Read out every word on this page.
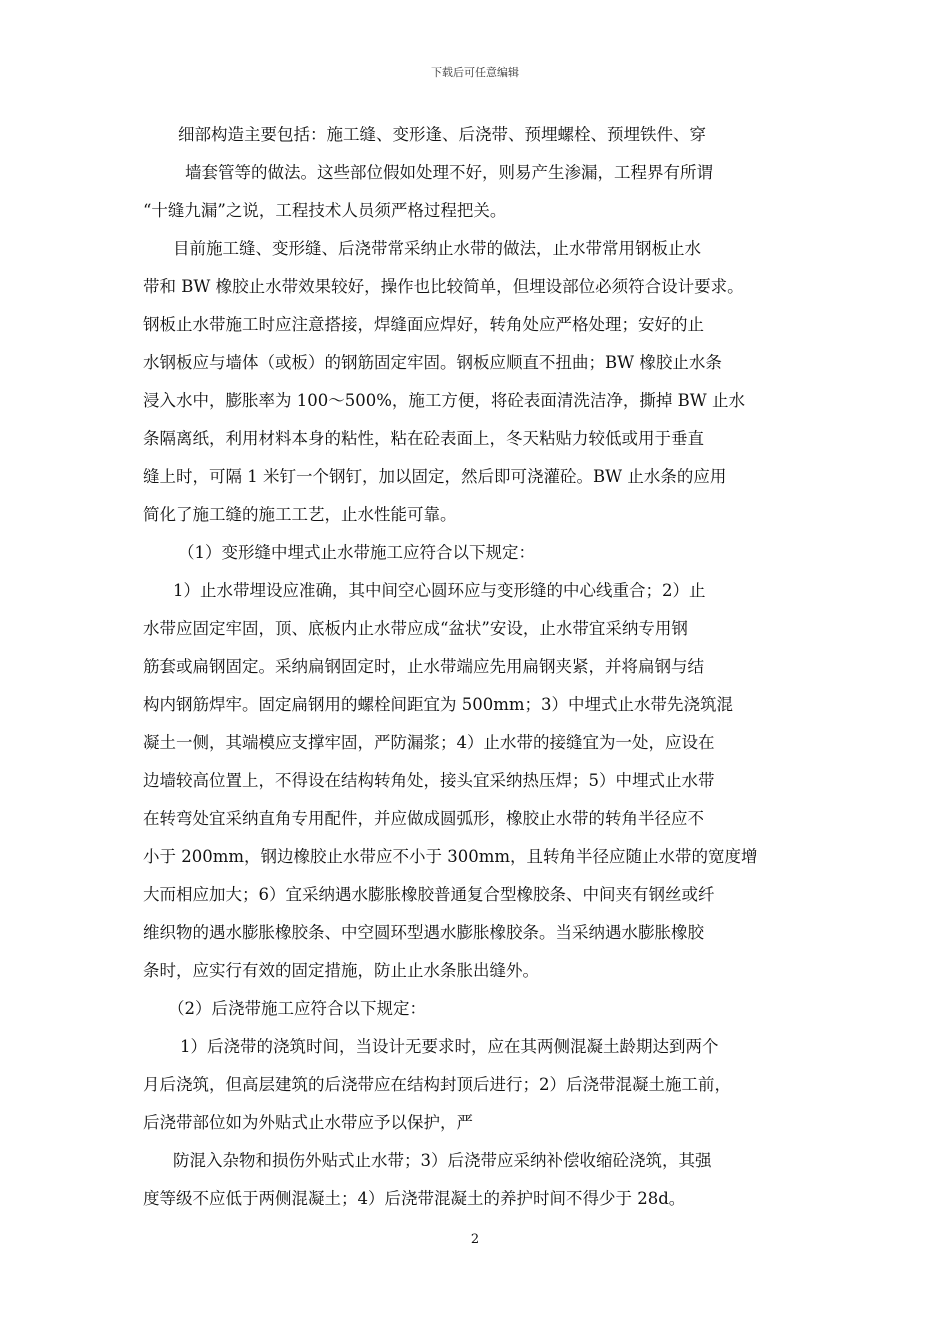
下载后可任意编辑
细部构造主要包括：施工缝、变形逢、后浇带、预埋螺栓、预埋铁件、穿
墙套管等的做法。这些部位假如处理不好，则易产生渗漏，工程界有所谓
“十缝九漏”之说，工程技术人员须严格过程把关。
目前施工缝、变形缝、后浇带常采纳止水带的做法，止水带常用钢板止水
带和 BW 橡胶止水带效果较好，操作也比较简单，但埋设部位必须符合设计要求。
钢板止水带施工时应注意搭接，焊缝面应焊好，转角处应严格处理；安好的止
水钢板应与墙体（或板）的钢筋固定牢固。钢板应顺直不扭曲；BW 橡胶止水条
浸入水中，膨胀率为 100～500%，施工方便，将砼表面清洗洁净，撕掉 BW 止水
条隔离纸，利用材料本身的粘性，粘在砼表面上，冬天粘贴力较低或用于垂直
缝上时，可隔 1 米钉一个钢钉，加以固定，然后即可浇灌砼。BW 止水条的应用
简化了施工缝的施工工艺，止水性能可靠。
（1）变形缝中埋式止水带施工应符合以下规定：
1）止水带埋设应准确，其中间空心圆环应与变形缝的中心线重合；2）止
水带应固定牢固，顶、底板内止水带应成“盆状”安设，止水带宜采纳专用钢
筋套或扁钢固定。采纳扁钢固定时，止水带端应先用扁钢夹紧，并将扁钢与结
构内钢筋焊牢。固定扁钢用的螺栓间距宜为 500mm；3）中埋式止水带先浇筑混
凝土一侧，其端模应支撑牢固，严防漏浆；4）止水带的接缝宜为一处，应设在
边墙较高位置上，不得设在结构转角处，接头宜采纳热压焊；5）中埋式止水带
在转弯处宜采纳直角专用配件，并应做成圆弧形，橡胶止水带的转角半径应不
小于 200mm，钢边橡胶止水带应不小于 300mm，且转角半径应随止水带的宽度增
大而相应加大；6）宜采纳遇水膨胀橡胶普通复合型橡胶条、中间夹有钢丝或纤
维织物的遇水膨胀橡胶条、中空圆环型遇水膨胀橡胶条。当采纳遇水膨胀橡胶
条时，应实行有效的固定措施，防止止水条胀出缝外。
（2）后浇带施工应符合以下规定：
1）后浇带的浇筑时间，当设计无要求时，应在其两侧混凝土龄期达到两个
月后浇筑，但高层建筑的后浇带应在结构封顶后进行；2）后浇带混凝土施工前，
后浇带部位如为外贴式止水带应予以保护，严
防混入杂物和损伤外贴式止水带；3）后浇带应采纳补偿收缩砼浇筑，其强
度等级不应低于两侧混凝土；4）后浇带混凝土的养护时间不得少于 28d。
2
